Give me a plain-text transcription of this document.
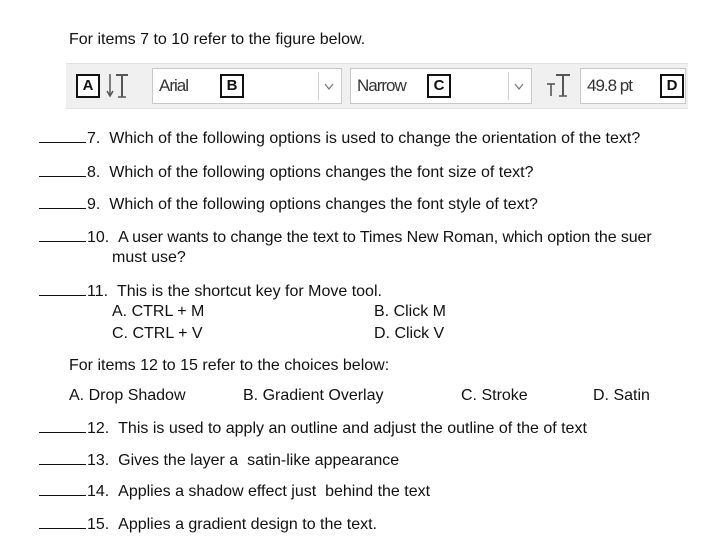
For items 7 to 10 refer to the figure below.
A	Arial	B	Narrow	C	49.8 pt	D
7. Which of the following options is used to change the orientation of the text?
8. Which of the following options changes the font size of text?
9. Which of the following options changes the font style of text?
10. A user wants to change the text to Times New Roman, which option the suer
must use?
11. This is the shortcut key for Move tool.
A. CTRL + M	B. Click M
C. CTRL + V	D. Click V
For items 12 to 15 refer to the choices below:
A. Drop Shadow	B. Gradient Overlay	C. Stroke	D. Satin
12. This is used to apply an outline and adjust the outline of the of text
13. Gives the layer a  satin-like appearance
14. Applies a shadow effect just  behind the text
15. Applies a gradient design to the text.
